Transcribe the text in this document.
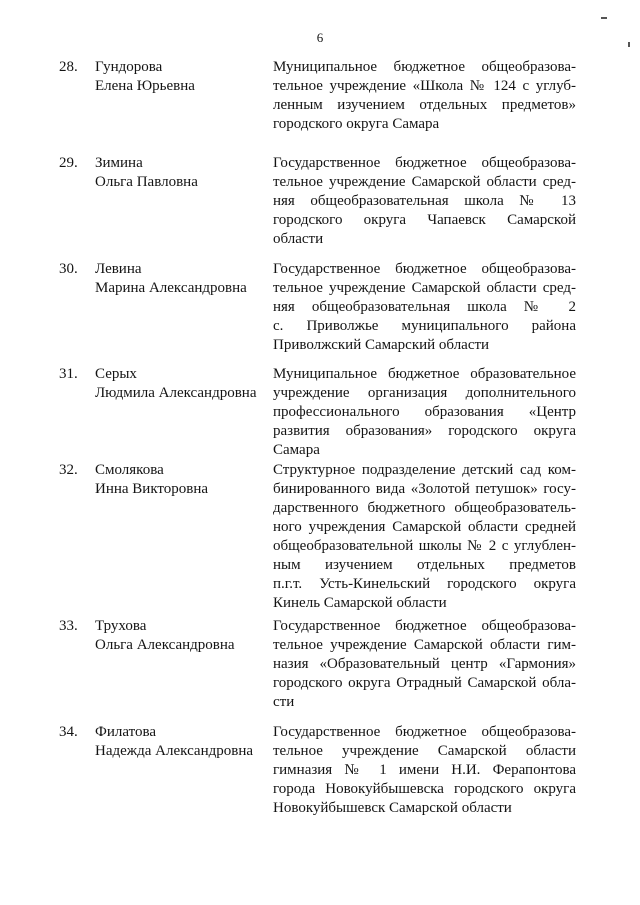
6
28. Гундорова
Елена Юрьевна
Муниципальное бюджетное общеобразова-
тельное учреждение «Школа № 124 с углуб-
ленным изучением отдельных предметов»
городского округа Самара
29. Зимина
Ольга Павловна
Государственное бюджетное общеобразова-
тельное учреждение Самарской области сред-
няя общеобразовательная школа № 13
городского округа Чапаевск Самарской
области
30. Левина
Марина Александровна
Государственное бюджетное общеобразова-
тельное учреждение Самарской области сред-
няя общеобразовательная школа № 2
с. Приволжье муниципального района
Приволжский Самарский области
31. Серых
Людмила Александровна
Муниципальное бюджетное образовательное
учреждение организация дополнительного
профессионального образования «Центр
развития образования» городского округа
Самара
32. Смолякова
Инна Викторовна
Структурное подразделение детский сад ком-
бинированного вида «Золотой петушок» госу-
дарственного бюджетного общеобразователь-
ного учреждения Самарской области средней
общеобразовательной школы № 2 с углублен-
ным изучением отдельных предметов
п.г.т. Усть-Кинельский городского округа
Кинель Самарской области
33. Трухова
Ольга Александровна
Государственное бюджетное общеобразова-
тельное учреждение Самарской области гим-
назия «Образовательный центр «Гармония»
городского округа Отрадный Самарской обла-
сти
34. Филатова
Надежда Александровна
Государственное бюджетное общеобразова-
тельное учреждение Самарской области
гимназия № 1 имени Н.И. Ферапонтова
города Новокуйбышевска городского округа
Новокуйбышевск Самарской области
